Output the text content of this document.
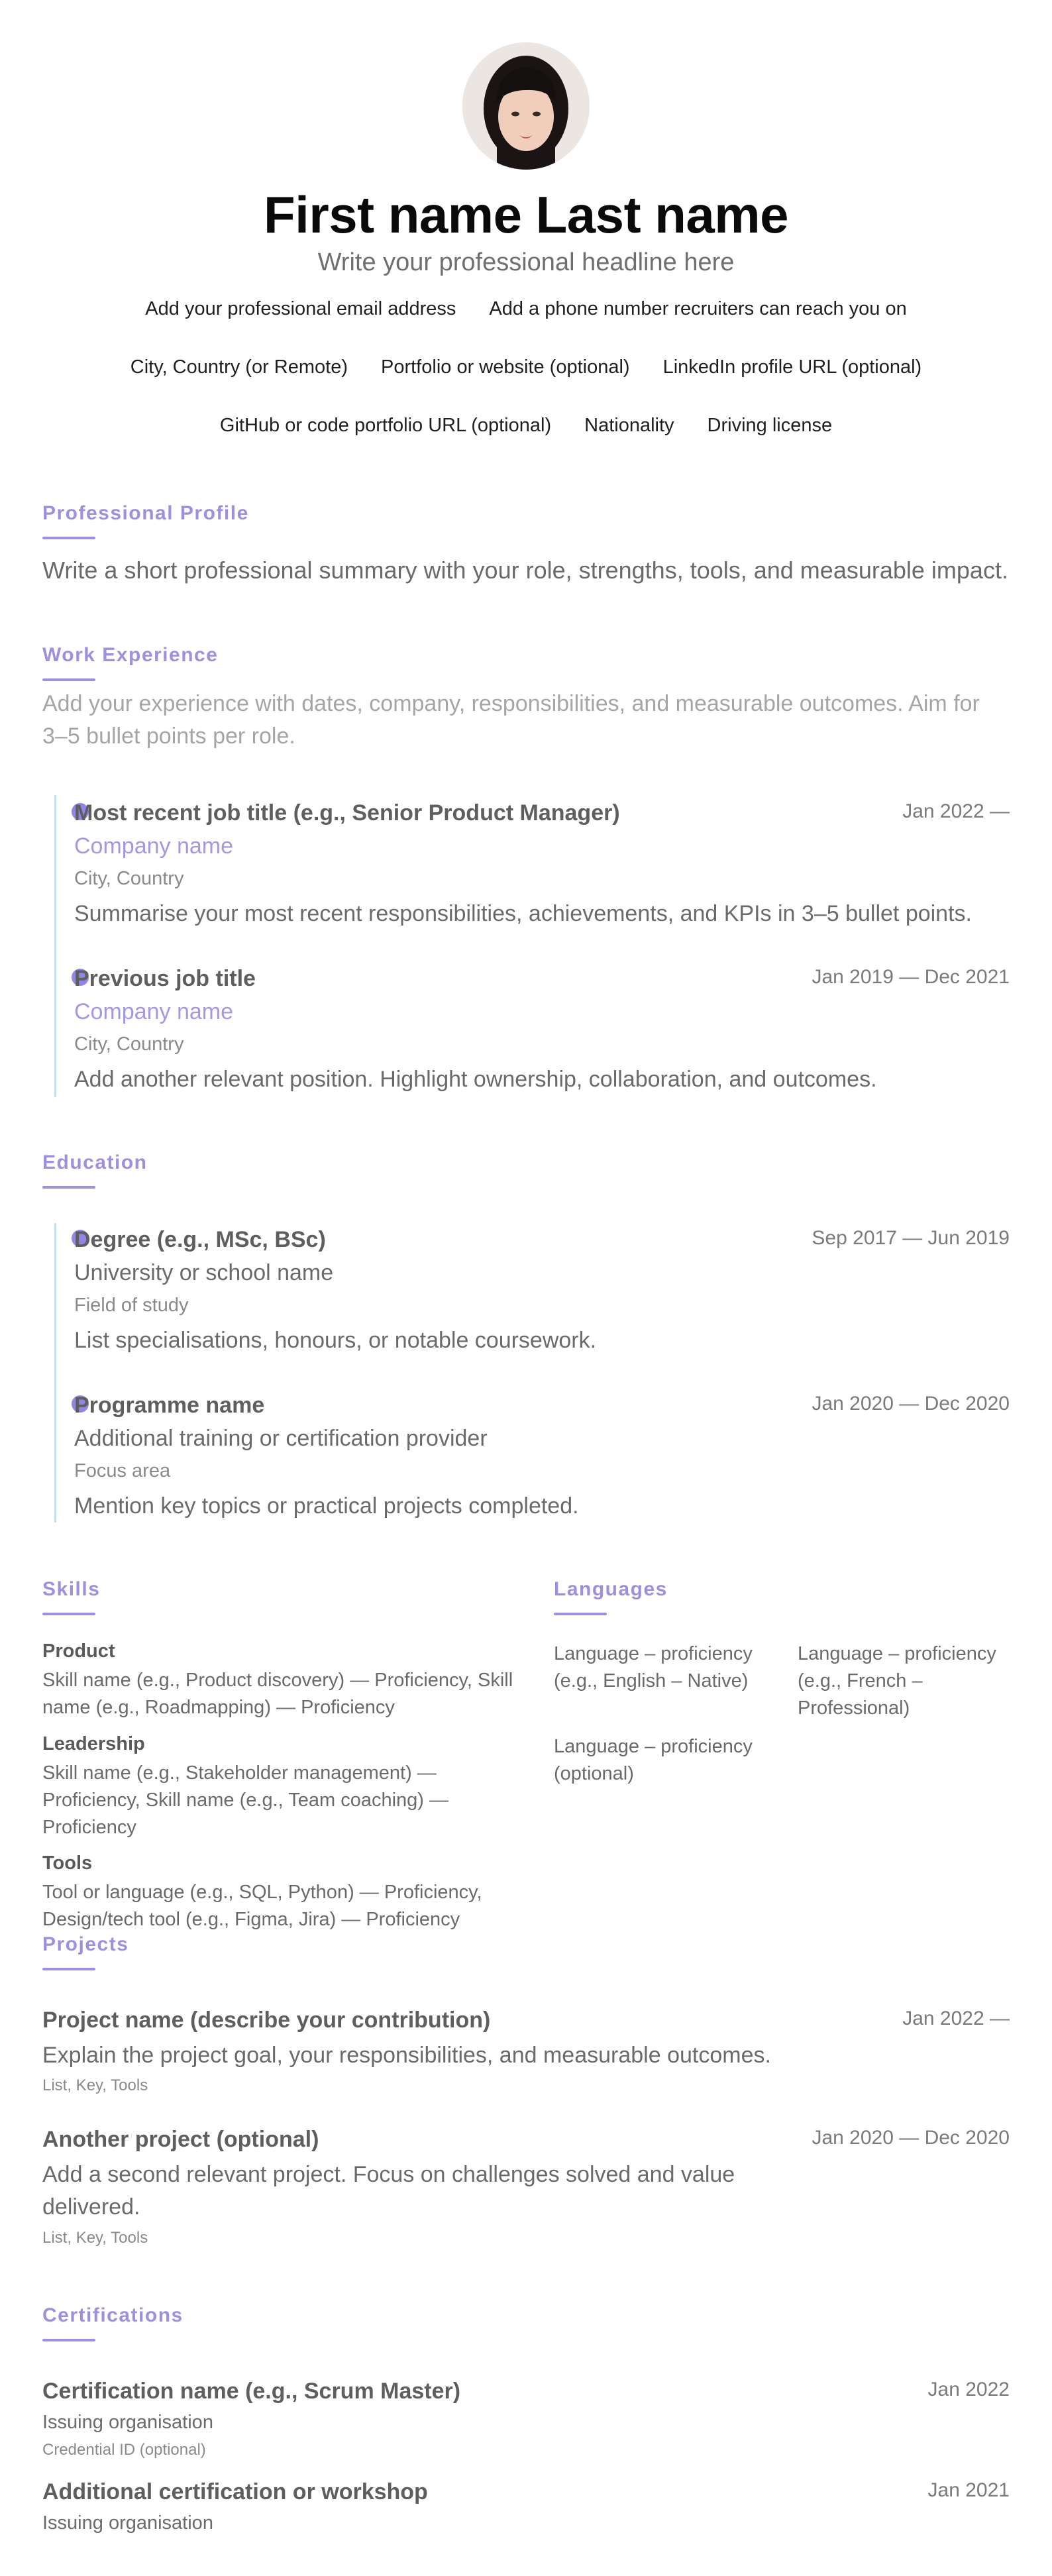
First name Last name

Write your professional headline here

Add your professional email address Add a phone number recruiters can reach you on
City, Country (or Remote) Portfolio or website (optional) LinkedIn profile URL (optional)
GitHub or code portfolio URL (optional) Nationality Driving license
Professional Profile

Write a short professional summary with your role, strengths, tools, and measurable impact.

Work Experience

Add your experience with dates, company, responsibilities, and measurable outcomes. Aim for 3–5 bullet points per role.

Most recent job title (e.g., Senior Product Manager)	Jan 2022 —

Company name

City, Country

Summarise your most recent responsibilities, achievements, and KPIs in 3–5 bullet points.

Previous job title	Jan 2019 — Dec 2021

Company name

City, Country

Add another relevant position. Highlight ownership, collaboration, and outcomes.

Education

Degree (e.g., MSc, BSc)	Sep 2017 — Jun 2019

University or school name

Field of study

List specialisations, honours, or notable coursework.

Programme name	Jan 2020 — Dec 2020

Additional training or certification provider

Focus area

Mention key topics or practical projects completed.

Skills

Product

Skill name (e.g., Product discovery) — Proficiency, Skill name (e.g., Roadmapping) — Proficiency

Leadership

Skill name (e.g., Stakeholder management) — Proficiency, Skill name (e.g., Team coaching) — Proficiency

Tools

Tool or language (e.g., SQL, Python) — Proficiency, Design/tech tool (e.g., Figma, Jira) — Proficiency

Languages

Language – proficiency (e.g., English – Native)

Language – proficiency (e.g., French – Professional)

Language – proficiency (optional)

Projects

Project name (describe your contribution)	Jan 2022 —

Explain the project goal, your responsibilities, and measurable outcomes.

List, Key, Tools

Another project (optional)	Jan 2020 — Dec 2020

Add a second relevant project. Focus on challenges solved and value delivered.

List, Key, Tools

Certifications

Certification name (e.g., Scrum Master)	Jan 2022

Issuing organisation

Credential ID (optional)

Additional certification or workshop	Jan 2021

Issuing organisation
